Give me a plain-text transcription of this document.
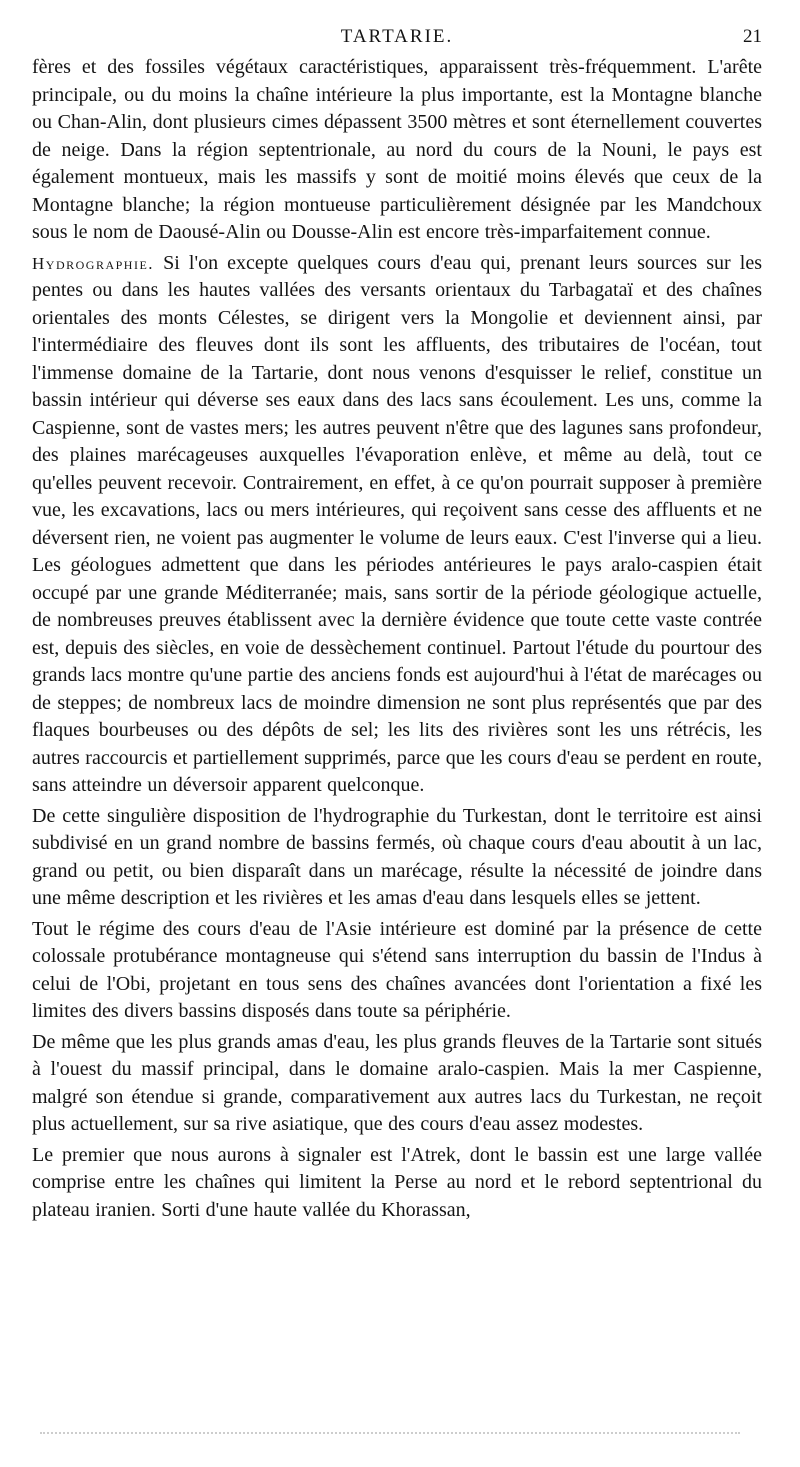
TARTARIE.	21

fères et des fossiles végétaux caractéristiques, apparaissent très-fréquemment. L'arête principale, ou du moins la chaîne intérieure la plus importante, est la Montagne blanche ou Chan-Alin, dont plusieurs cimes dépassent 3500 mètres et sont éternellement couvertes de neige. Dans la région septentrionale, au nord du cours de la Nouni, le pays est également montueux, mais les massifs y sont de moitié moins élevés que ceux de la Montagne blanche; la région montueuse particulièrement désignée par les Mandchoux sous le nom de Daousé-Alin ou Dousse-Alin est encore très-imparfaitement connue.

Hydrographie. Si l'on excepte quelques cours d'eau qui, prenant leurs sources sur les pentes ou dans les hautes vallées des versants orientaux du Tarbagataï et des chaînes orientales des monts Célestes, se dirigent vers la Mongolie et deviennent ainsi, par l'intermédiaire des fleuves dont ils sont les affluents, des tributaires de l'océan, tout l'immense domaine de la Tartarie, dont nous venons d'esquisser le relief, constitue un bassin intérieur qui déverse ses eaux dans des lacs sans écoulement. Les uns, comme la Caspienne, sont de vastes mers; les autres peuvent n'être que des lagunes sans profondeur, des plaines marécageuses auxquelles l'évaporation enlève, et même au delà, tout ce qu'elles peuvent recevoir. Contrairement, en effet, à ce qu'on pourrait supposer à première vue, les excavations, lacs ou mers intérieures, qui reçoivent sans cesse des affluents et ne déversent rien, ne voient pas augmenter le volume de leurs eaux. C'est l'inverse qui a lieu. Les géologues admettent que dans les périodes antérieures le pays aralo-caspien était occupé par une grande Méditerranée; mais, sans sortir de la période géologique actuelle, de nombreuses preuves établissent avec la dernière évidence que toute cette vaste contrée est, depuis des siècles, en voie de dessèchement continuel. Partout l'étude du pourtour des grands lacs montre qu'une partie des anciens fonds est aujourd'hui à l'état de marécages ou de steppes; de nombreux lacs de moindre dimension ne sont plus représentés que par des flaques bourbeuses ou des dépôts de sel; les lits des rivières sont les uns rétrécis, les autres raccourcis et partiellement supprimés, parce que les cours d'eau se perdent en route, sans atteindre un déversoir apparent quelconque.

De cette singulière disposition de l'hydrographie du Turkestan, dont le territoire est ainsi subdivisé en un grand nombre de bassins fermés, où chaque cours d'eau aboutit à un lac, grand ou petit, ou bien disparaît dans un marécage, résulte la nécessité de joindre dans une même description et les rivières et les amas d'eau dans lesquels elles se jettent.

Tout le régime des cours d'eau de l'Asie intérieure est dominé par la présence de cette colossale protubérance montagneuse qui s'étend sans interruption du bassin de l'Indus à celui de l'Obi, projetant en tous sens des chaînes avancées dont l'orientation a fixé les limites des divers bassins disposés dans toute sa périphérie.

De même que les plus grands amas d'eau, les plus grands fleuves de la Tartarie sont situés à l'ouest du massif principal, dans le domaine aralo-caspien. Mais la mer Caspienne, malgré son étendue si grande, comparativement aux autres lacs du Turkestan, ne reçoit plus actuellement, sur sa rive asiatique, que des cours d'eau assez modestes.

Le premier que nous aurons à signaler est l'Atrek, dont le bassin est une large vallée comprise entre les chaînes qui limitent la Perse au nord et le rebord septentrional du plateau iranien. Sorti d'une haute vallée du Khorassan,
